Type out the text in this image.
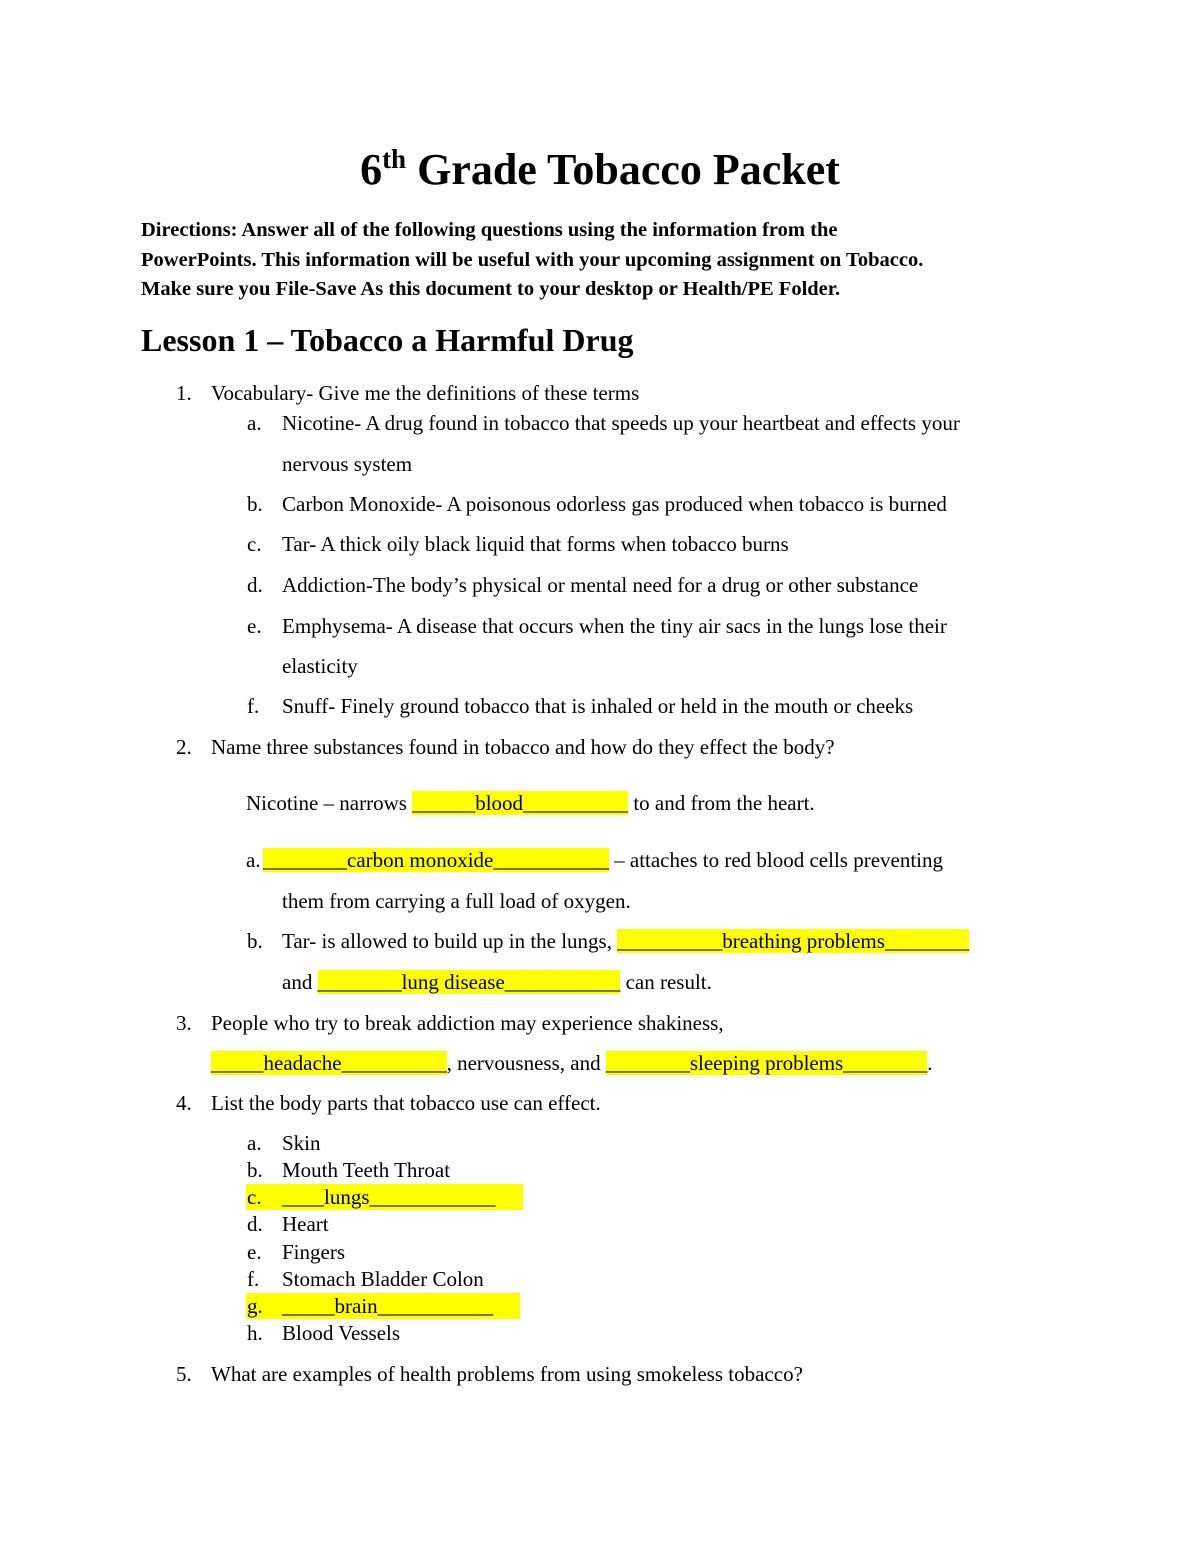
6th Grade Tobacco Packet
Directions: Answer all of the following questions using the information from the
PowerPoints. This information will be useful with your upcoming assignment on Tobacco.
Make sure you File-Save As this document to your desktop or Health/PE Folder.
Lesson 1 – Tobacco a Harmful Drug
1. Vocabulary- Give me the definitions of these terms
a. Nicotine- A drug found in tobacco that speeds up your heartbeat and effects your
nervous system
b. Carbon Monoxide- A poisonous odorless gas produced when tobacco is burned
c. Tar- A thick oily black liquid that forms when tobacco burns
d. Addiction-The body’s physical or mental need for a drug or other substance
e. Emphysema- A disease that occurs when the tiny air sacs in the lungs lose their
elasticity
f. Snuff- Finely ground tobacco that is inhaled or held in the mouth or cheeks
2. Name three substances found in tobacco and how do they effect the body?
Nicotine – narrows ______blood__________ to and from the heart.
a. ________carbon monoxide___________ – attaches to red blood cells preventing
them from carrying a full load of oxygen.
b. Tar- is allowed to build up in the lungs, __________breathing problems________
and ________lung disease___________ can result.
3. People who try to break addiction may experience shakiness,
_____headache__________, nervousness, and ________sleeping problems________.
4. List the body parts that tobacco use can effect.
a. Skin
b. Mouth Teeth Throat
c. ____lungs____________
d. Heart
e. Fingers
f. Stomach Bladder Colon
g. _____brain___________
h. Blood Vessels
5. What are examples of health problems from using smokeless tobacco?
